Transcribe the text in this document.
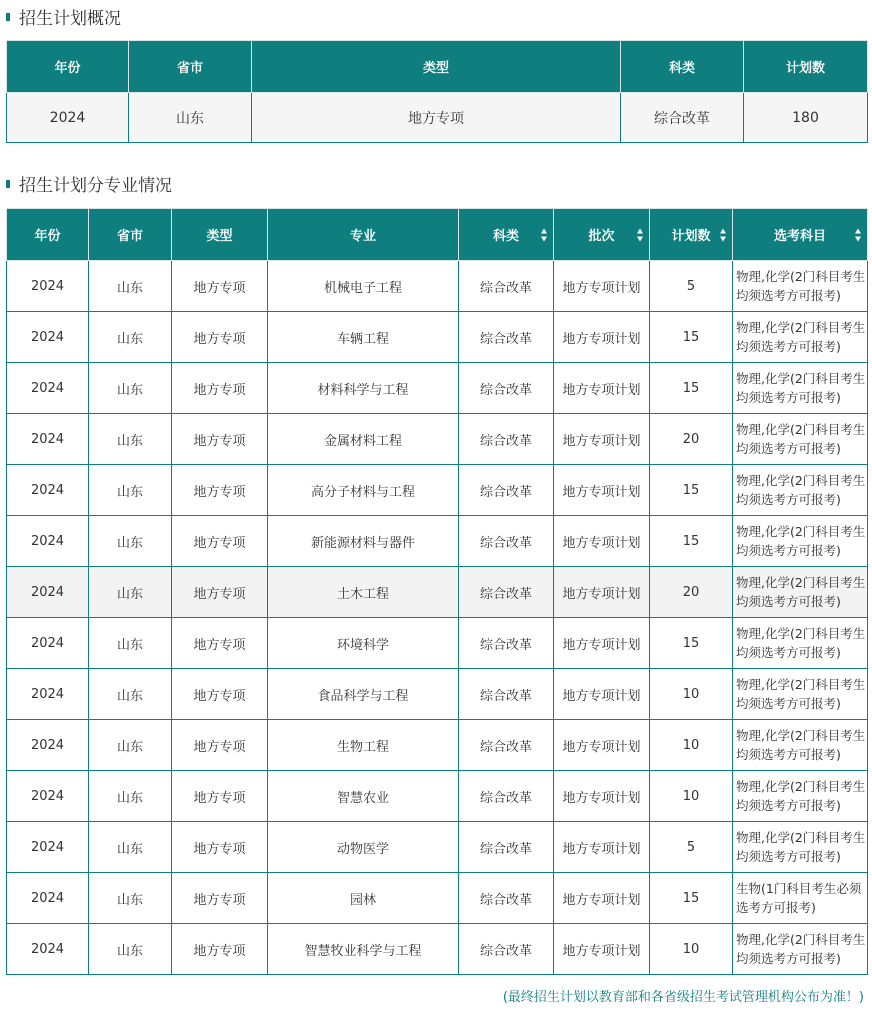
招生计划概况
年份	省市	类型	科类	计划数
2024	山东	地方专项	综合改革	180
招生计划分专业情况
年份	省市	类型	专业	科类	批次	计划数	选考科目

2024	山东	地方专项	机械电子工程	综合改革	地方专项计划	5	物理,化学(2门科目考生均须选考方可报考)
2024	山东	地方专项	车辆工程	综合改革	地方专项计划	15	物理,化学(2门科目考生均须选考方可报考)
2024	山东	地方专项	材料科学与工程	综合改革	地方专项计划	15	物理,化学(2门科目考生均须选考方可报考)
2024	山东	地方专项	金属材料工程	综合改革	地方专项计划	20	物理,化学(2门科目考生均须选考方可报考)
2024	山东	地方专项	高分子材料与工程	综合改革	地方专项计划	15	物理,化学(2门科目考生均须选考方可报考)
2024	山东	地方专项	新能源材料与器件	综合改革	地方专项计划	15	物理,化学(2门科目考生均须选考方可报考)
2024	山东	地方专项	土木工程	综合改革	地方专项计划	20	物理,化学(2门科目考生均须选考方可报考)
2024	山东	地方专项	环境科学	综合改革	地方专项计划	15	物理,化学(2门科目考生均须选考方可报考)
2024	山东	地方专项	食品科学与工程	综合改革	地方专项计划	10	物理,化学(2门科目考生均须选考方可报考)
2024	山东	地方专项	生物工程	综合改革	地方专项计划	10	物理,化学(2门科目考生均须选考方可报考)
2024	山东	地方专项	智慧农业	综合改革	地方专项计划	10	物理,化学(2门科目考生均须选考方可报考)
2024	山东	地方专项	动物医学	综合改革	地方专项计划	5	物理,化学(2门科目考生均须选考方可报考)
2024	山东	地方专项	园林	综合改革	地方专项计划	15	生物(1门科目考生必须选考方可报考)
2024	山东	地方专项	智慧牧业科学与工程	综合改革	地方专项计划	10	物理,化学(2门科目考生均须选考方可报考)
(最终招生计划以教育部和各省级招生考试管理机构公布为准！)
